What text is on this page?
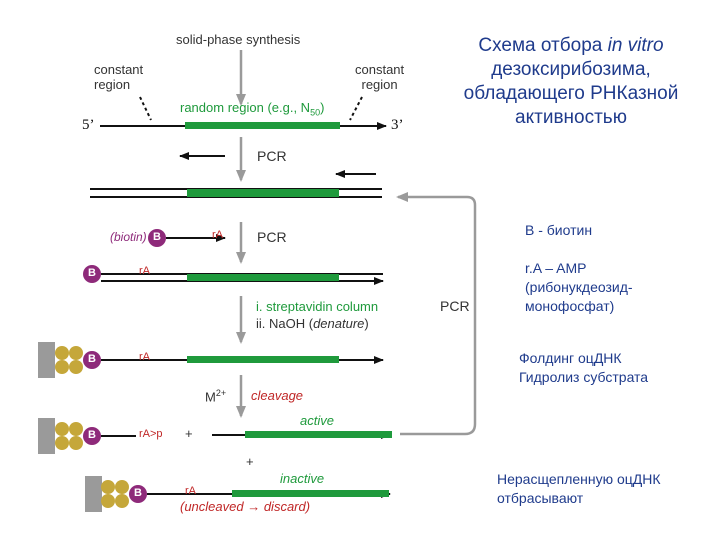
Схема отбора in vitro
дезоксирибозима,
обладающего РНКазной
активностью
B - биотин
r.A – AMP (рибонукдеозид-монофосфат)
Фолдинг оцДНК
Гидролиз субстрата
Нерасщепленную оцДНК отбрасывают
solid-phase synthesis
constant
region
constant
region
random region (e.g., $N_{50}$)
5’	3’
PCR
PCR
PCR
(biotin) B	rA
B	rA
i. streptavidin column
ii. NaOH (denature)
B	rA
$M^{2+}$ cleavage
B	rA>p +
active
+
B	rA
inactive
(uncleaved → discard)
